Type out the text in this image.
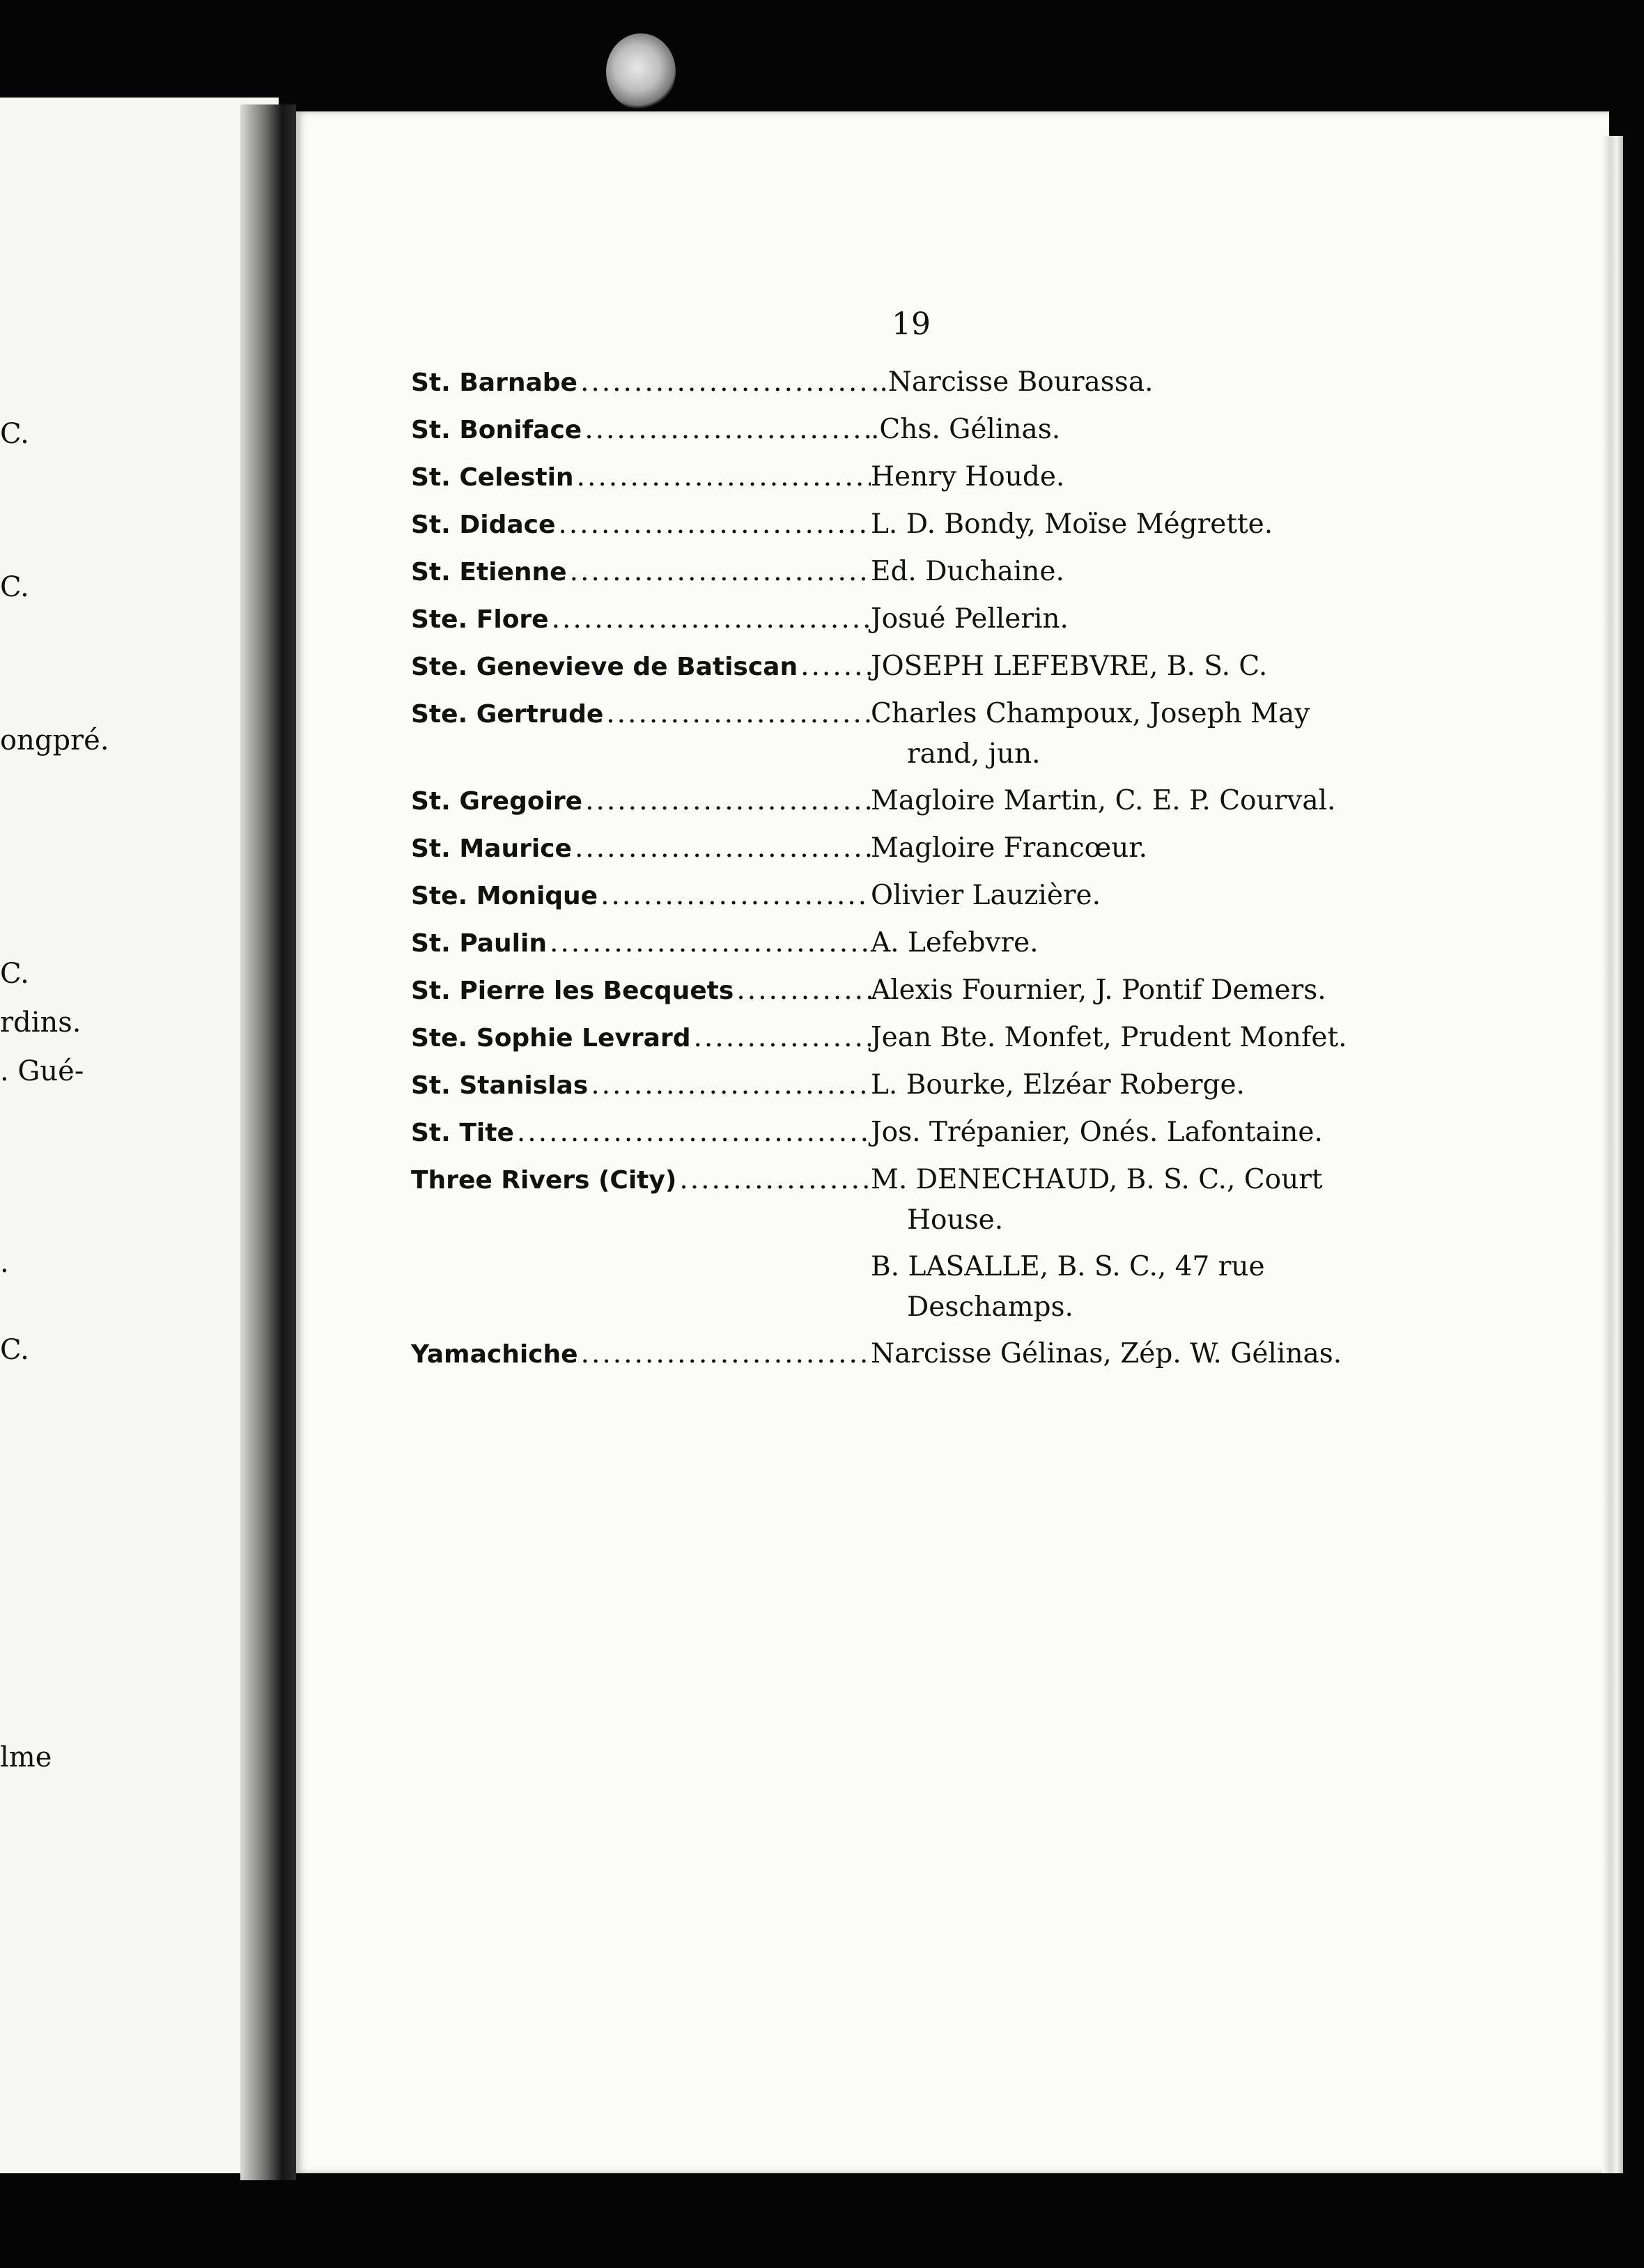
C.
C.
ongpré.
C.
rdins.
. Gué-
.
C.
lme
19
St. Barnabe .....	..Narcisse Bourassa.
St. Boniface .....	.Chs. Gélinas.
St. Celestin .....	Henry Houde.
St. Didace .....	L. D. Bondy, Moïse Mégrette.
St. Etienne .....	Ed. Duchaine.
Ste. Flore .....	Josué Pellerin.
Ste. Genevieve de Batiscan .....	JOSEPH LEFEBVRE, B. S. C.
Ste. Gertrude .....	Charles Champoux, Joseph May
rand, jun.
St. Gregoire .....	Magloire Martin, C. E. P. Courval.
St. Maurice .....	Magloire Francœur.
Ste. Monique .....	Olivier Lauzière.
St. Paulin .....	A. Lefebvre.
St. Pierre les Becquets .....	Alexis Fournier, J. Pontif Demers.
Ste. Sophie Levrard .....	Jean Bte. Monfet, Prudent Monfet.
St. Stanislas .....	L. Bourke, Elzéar Roberge.
St. Tite .....	Jos. Trépanier, Onés. Lafontaine.
Three Rivers (City) .....	M. DENECHAUD, B. S. C., Court
House.
B. LASALLE, B. S. C., 47 rue
Deschamps.
Yamachiche .....	Narcisse Gélinas, Zép. W. Gélinas.
